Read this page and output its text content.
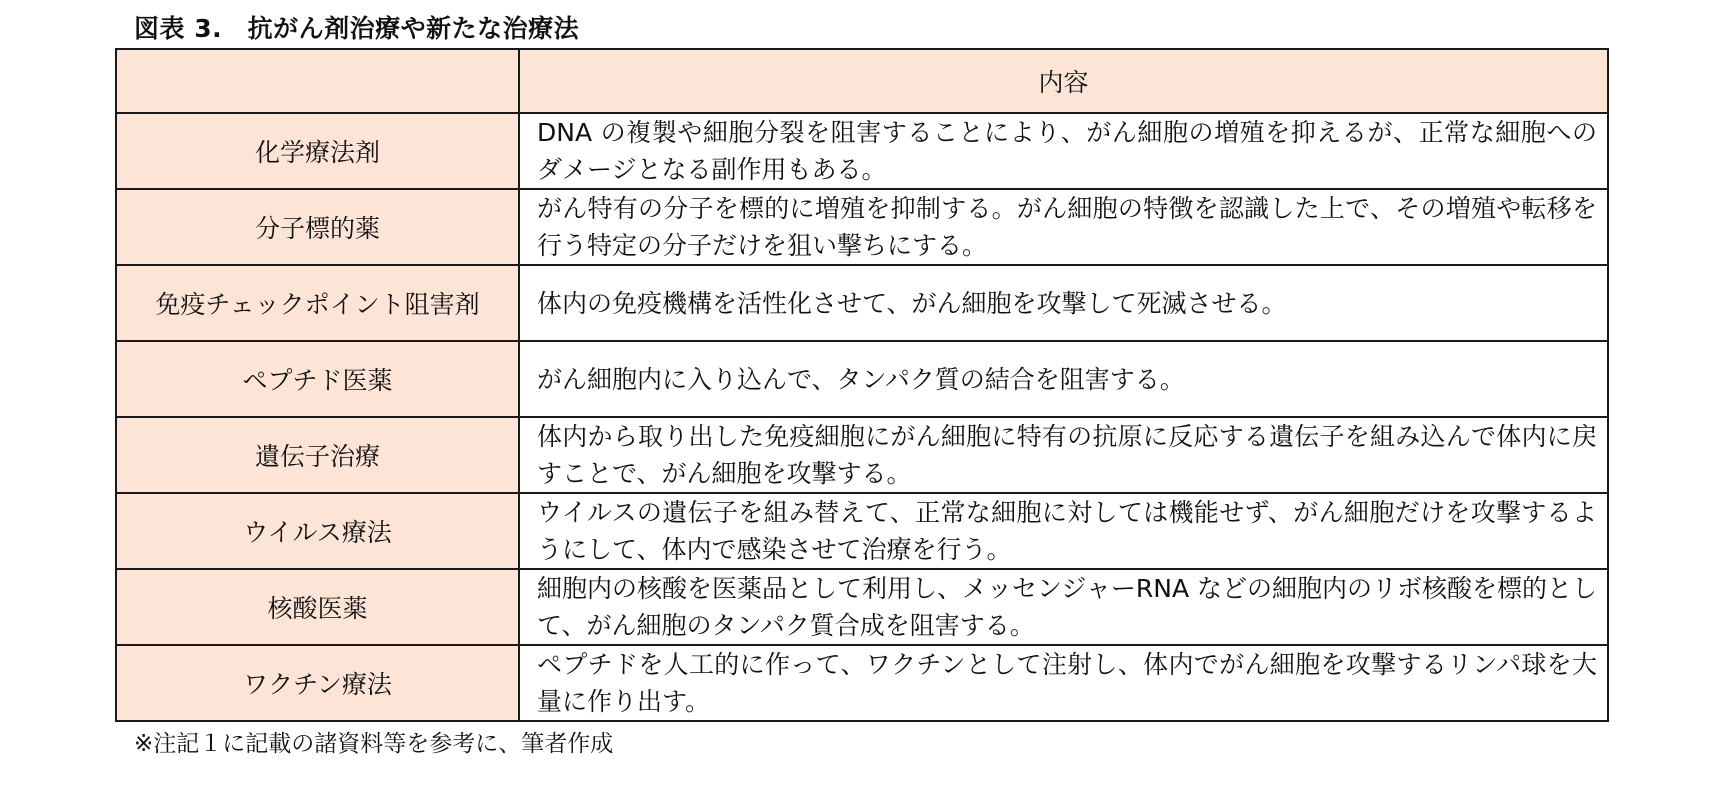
図表 3.　抗がん剤治療や新たな治療法
	内容
化学療法剤	DNA の複製や細胞分裂を阻害することにより、がん細胞の増殖を抑えるが、正常な細胞へのダメージとなる副作用もある。
分子標的薬	がん特有の分子を標的に増殖を抑制する。がん細胞の特徴を認識した上で、その増殖や転移を行う特定の分子だけを狙い撃ちにする。
免疫チェックポイント阻害剤	体内の免疫機構を活性化させて、がん細胞を攻撃して死滅させる。
ペプチド医薬	がん細胞内に入り込んで、タンパク質の結合を阻害する。
遺伝子治療	体内から取り出した免疫細胞にがん細胞に特有の抗原に反応する遺伝子を組み込んで体内に戻すことで、がん細胞を攻撃する。
ウイルス療法	ウイルスの遺伝子を組み替えて、正常な細胞に対しては機能せず、がん細胞だけを攻撃するようにして、体内で感染させて治療を行う。
核酸医薬	細胞内の核酸を医薬品として利用し、メッセンジャーRNA などの細胞内のリボ核酸を標的として、がん細胞のタンパク質合成を阻害する。
ワクチン療法	ペプチドを人工的に作って、ワクチンとして注射し、体内でがん細胞を攻撃するリンパ球を大量に作り出す。
※注記１に記載の諸資料等を参考に、筆者作成
